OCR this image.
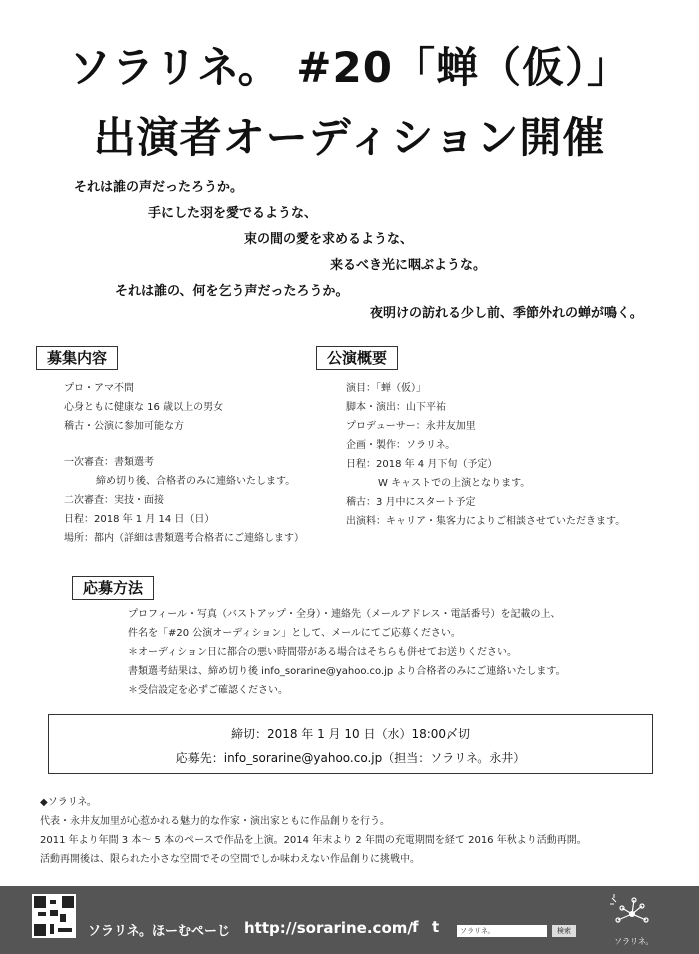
ソラリネ。 #20「蝉（仮）」
出演者オーディション開催
それは誰の声だったろうか。
手にした羽を愛でるような、
束の間の愛を求めるような、
来るべき光に咽ぶような。
それは誰の、何を乞う声だったろうか。
夜明けの訪れる少し前、季節外れの蝉が鳴く。
募集内容
プロ・アマ不問
心身ともに健康な 16 歳以上の男女
稽古・公演に参加可能な方
一次審査：書類選考
締め切り後、合格者のみに連絡いたします。
二次審査：実技・面接
日程：2018 年 1 月 14 日（日）
場所：都内（詳細は書類選考合格者にご連絡します）
公演概要
演目：「蝉（仮）」
脚本・演出：山下平祐
プロデューサー：永井友加里
企画・製作：ソラリネ。
日程：2018 年 4 月下旬（予定）
W キャストでの上演となります。
稽古：3 月中にスタート予定
出演料：キャリア・集客力によりご相談させていただきます。
応募方法
プロフィール・写真（バストアップ・全身）・連絡先（メールアドレス・電話番号）を記載の上、
件名を「#20 公演オーディション」として、メールにてご応募ください。
＊オーディション日に都合の悪い時間帯がある場合はそちらも併せてお送りください。
書類選考結果は、締め切り後 info_sorarine@yahoo.co.jp より合格者のみにご連絡いたします。
＊受信設定を必ずご確認ください。
締切：2018 年 1 月 10 日（水）18:00〆切
応募先：info_sorarine@yahoo.co.jp（担当：ソラリネ。永井）
◆ソラリネ。
代表・永井友加里が心惹かれる魅力的な作家・演出家ともに作品創りを行う。
2011 年より年間 3 本～ 5 本のペースで作品を上演。2014 年末より 2 年間の充電期間を経て 2016 年秋より活動再開。
活動再開後は、限られた小さな空間でその空間でしか味わえない作品創りに挑戦中。
ソラリネ。ほーむぺーじ http://sorarine.com/ f t	ソラリネ。	検索
ソラリネ。
